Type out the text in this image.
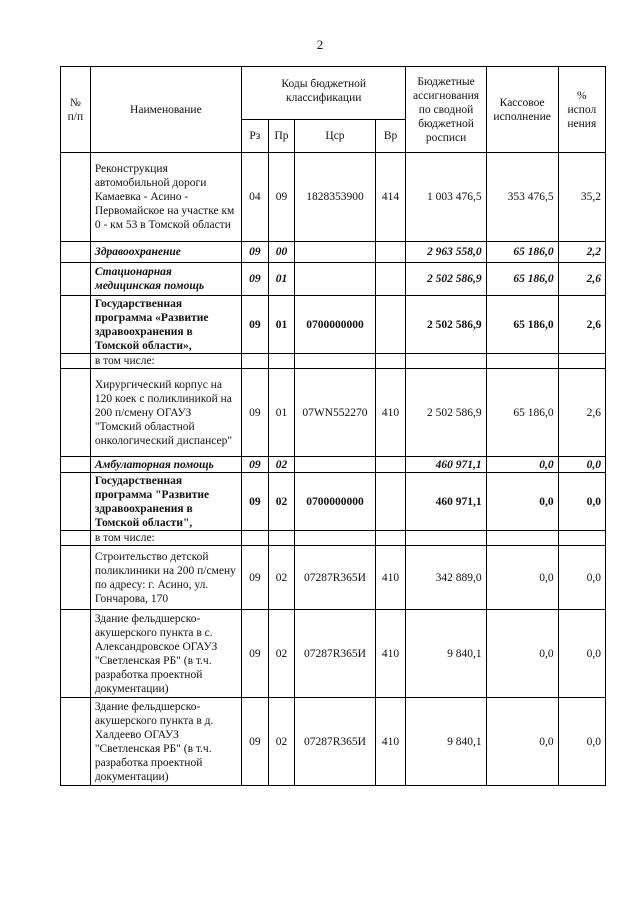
2
№ п/п	Наименование	Коды бюджетной классификации				Бюджетные ассигнования по сводной бюджетной росписи	Кассовое исполнение	% испол нения
		Рз	Пр	Цср	Вр			
	Реконструкция автомобильной дороги Камаевка - Асино - Первомайское на участке км 0 - км 53 в Томской области	04	09	1828353900	414	1 003 476,5	353 476,5	35,2
	Здравоохранение	09	00			2 963 558,0	65 186,0	2,2
	Стационарная медицинская помощь	09	01			2 502 586,9	65 186,0	2,6
	Государственная программа «Развитие здравоохранения в Томской области»,	09	01	0700000000		2 502 586,9	65 186,0	2,6
	в том числе:							
	Хирургический корпус на 120 коек с поликлиникой на 200 п/смену ОГАУЗ "Томский областной онкологический диспансер"	09	01	07WN552270	410	2 502 586,9	65 186,0	2,6
	Амбулаторная помощь	09	02			460 971,1	0,0	0,0
	Государственная программа "Развитие здравоохранения в Томской области",	09	02	0700000000		460 971,1	0,0	0,0
	в том числе:							
	Строительство детской поликлиники на 200 п/смену по адресу: г. Асино, ул. Гончарова, 170	09	02	07287R365И	410	342 889,0	0,0	0,0
	Здание фельдшерско-акушерского пункта в с. Александровское ОГАУЗ "Светленская РБ" (в т.ч. разработка проектной документации)	09	02	07287R365И	410	9 840,1	0,0	0,0
	Здание фельдшерско-акушерского пункта в д. Халдеево ОГАУЗ "Светленская РБ" (в т.ч. разработка проектной документации)	09	02	07287R365И	410	9 840,1	0,0	0,0
